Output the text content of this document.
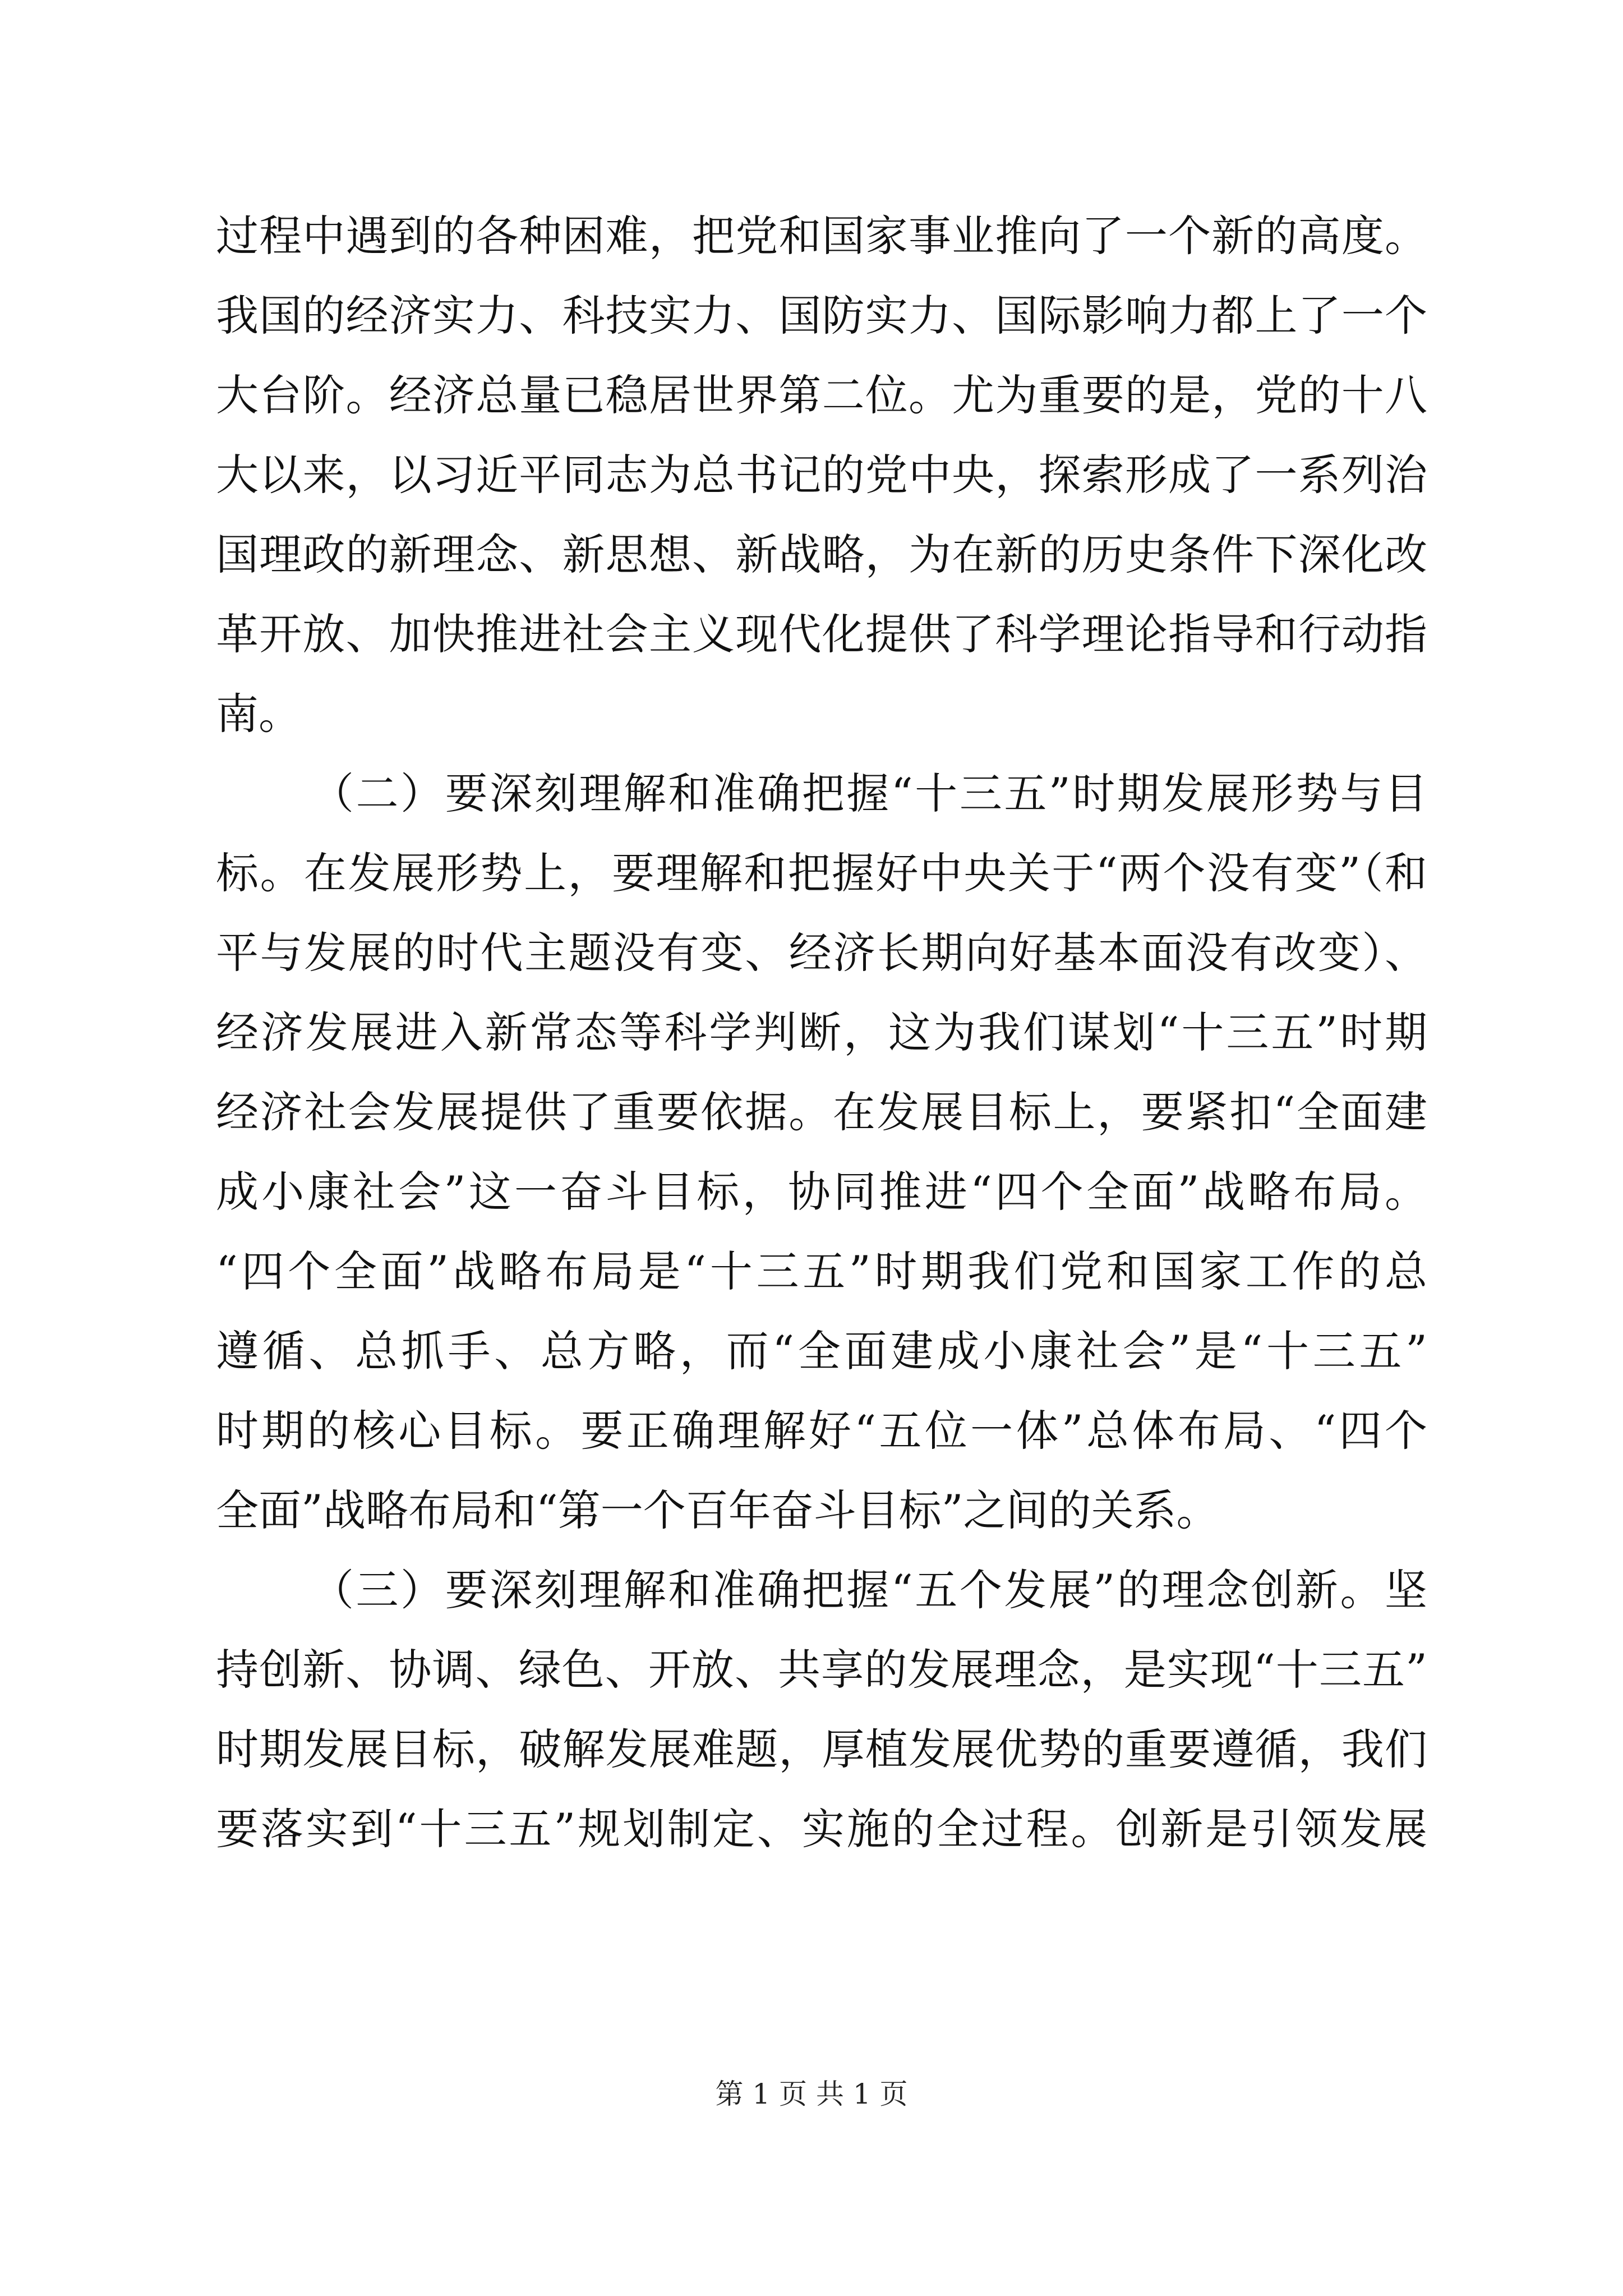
过程中遇到的各种困难，把党和国家事业推向了一个新的高度。
我国的经济实力、科技实力、国防实力、国际影响力都上了一个
大台阶。经济总量已稳居世界第二位。尤为重要的是，党的十八
大以来，以习近平同志为总书记的党中央，探索形成了一系列治
国理政的新理念、新思想、新战略，为在新的历史条件下深化改
革开放、加快推进社会主义现代化提供了科学理论指导和行动指
南。
（二）要深刻理解和准确把握“十三五”时期发展形势与目
标。在发展形势上，要理解和把握好中央关于“两个没有变”（和
平与发展的时代主题没有变、经济长期向好基本面没有改变）、
经济发展进入新常态等科学判断，这为我们谋划“十三五”时期
经济社会发展提供了重要依据。在发展目标上，要紧扣“全面建
成小康社会”这一奋斗目标，协同推进“四个全面”战略布局。
“四个全面”战略布局是“十三五”时期我们党和国家工作的总
遵循、总抓手、总方略，而“全面建成小康社会”是“十三五”
时期的核心目标。要正确理解好“五位一体”总体布局、“四个
全面”战略布局和“第一个百年奋斗目标”之间的关系。
（三）要深刻理解和准确把握“五个发展”的理念创新。坚
持创新、协调、绿色、开放、共享的发展理念，是实现“十三五”
时期发展目标，破解发展难题，厚植发展优势的重要遵循，我们
要落实到“十三五”规划制定、实施的全过程。创新是引领发展
第 1 页 共 1 页
